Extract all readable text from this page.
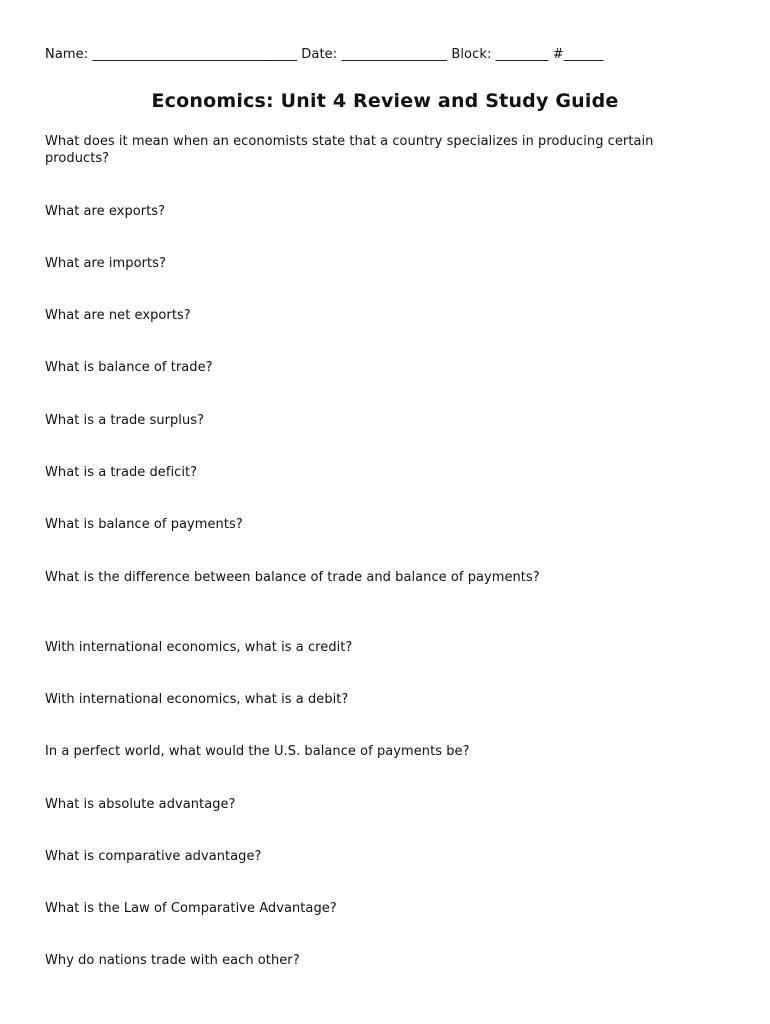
Name: _______________________________ Date: ________________ Block: ________ #______
Economics: Unit 4 Review and Study Guide
What does it mean when an economists state that a country specializes in producing certain products?
What are exports?
What are imports?
What are net exports?
What is balance of trade?
What is a trade surplus?
What is a trade deficit?
What is balance of payments?
What is the difference between balance of trade and balance of payments?
With international economics, what is a credit?
With international economics, what is a debit?
In a perfect world, what would the U.S. balance of payments be?
What is absolute advantage?
What is comparative advantage?
What is the Law of Comparative Advantage?
Why do nations trade with each other?
